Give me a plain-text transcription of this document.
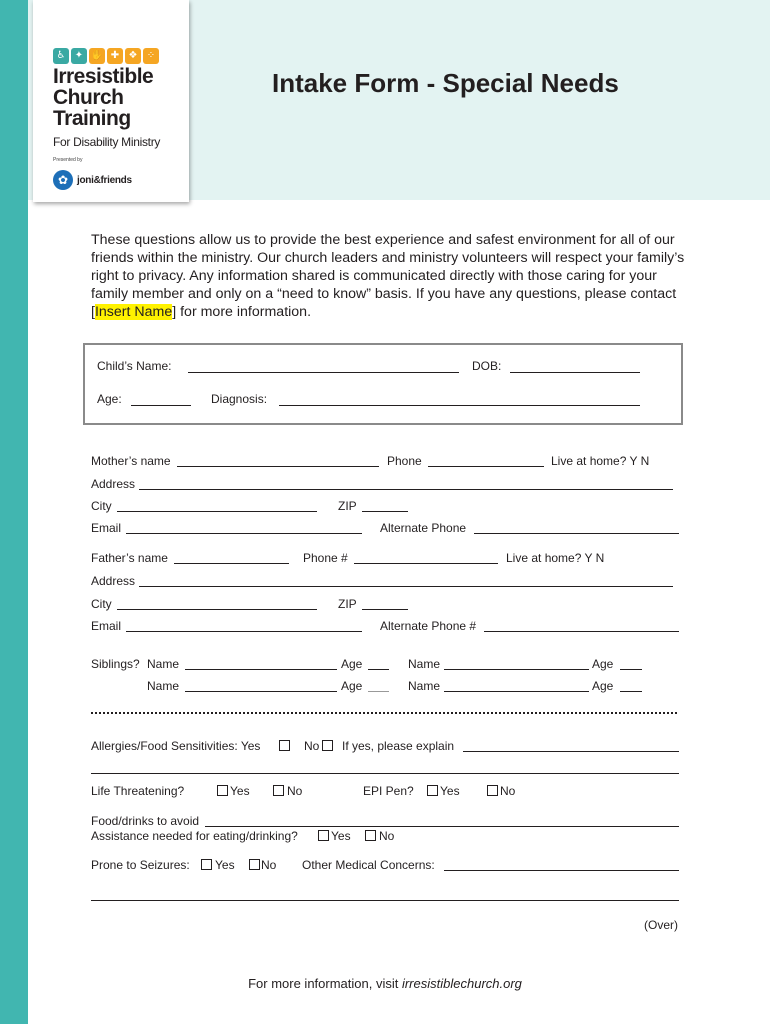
♿ ✦ ✋ ✚ ❖ ⁘
Irresistible
Church
Training
For Disability Ministry
Presented by
✿ joni&friends
Intake Form - Special Needs
These questions allow us to provide the best experience and safest environment for all of our friends within the ministry. Our church leaders and ministry volunteers will respect your family’s right to privacy. Any information shared is communicated directly with those caring for your family member and only on a “need to know” basis. If you have any questions, please contact [Insert Name] for more information.
Child’s Name:	DOB:
Age:	Diagnosis:
Mother’s name	Phone	Live at home? Y N
Address
City	ZIP
Email	Alternate Phone
Father’s name	Phone #	Live at home? Y N
Address
City	ZIP
Email	Alternate Phone #
Siblings? Name	Age	Name	Age
Name	Age	Name	Age
Allergies/Food Sensitivities: Yes	No If yes, please explain
Life Threatening?	Yes	No	EPI Pen? Yes	No
Food/drinks to avoid
Assistance needed for eating/drinking?	Yes No
Prone to Seizures: Yes No Other Medical Concerns:
(Over)
For more information, visit irresistiblechurch.org
